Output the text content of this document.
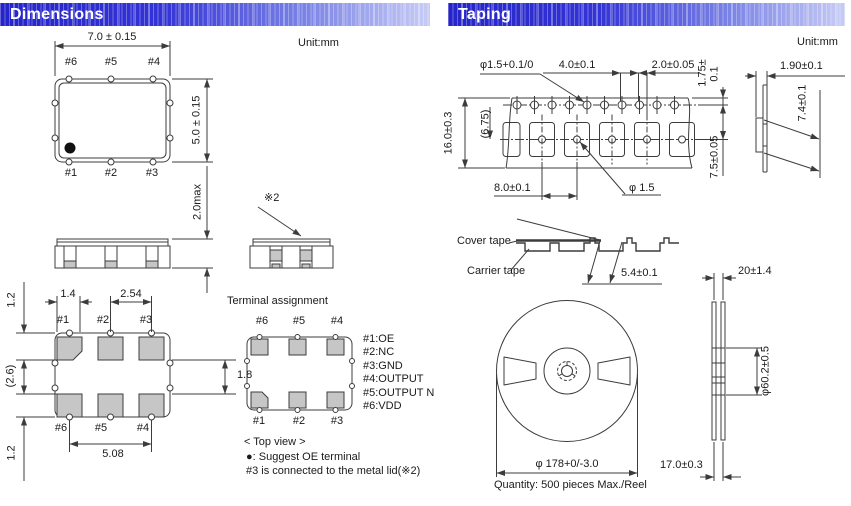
Dimensions	Taping
Unit:mm
7.0 ± 0.15
#6	#5	#4
#1	#2	#3
5.0 ± 0.15
2.0max	※2
1.2	1.4	2.54
#1	#2	#3
(2.6)	1.8
#6	#5	#4
1.2	5.08
Terminal assignment
#6 #5 #4
#1	#2 #3
#1:OE
#2:NC
#3:GND
#4:OUTPUT
#5:OUTPUT N
#6:VDD
< Top view >
●: Suggest OE terminal
#3 is connected to the metal lid(※2)
Unit:mm
φ1.5+0.1/0 4.0±0.1	2.0±0.05 1.75± 0.1
16.0±0.3 (6.75)
7.5±0.05
8.0±0.1	φ 1.5
Cover tape
Carrier tape	5.4±0.1
1.90±0.1
7.4±0.1
20±1.4
φ60.2±0.5
17.0±0.3
φ 178+0/-3.0
Quantity: 500 pieces Max./Reel
